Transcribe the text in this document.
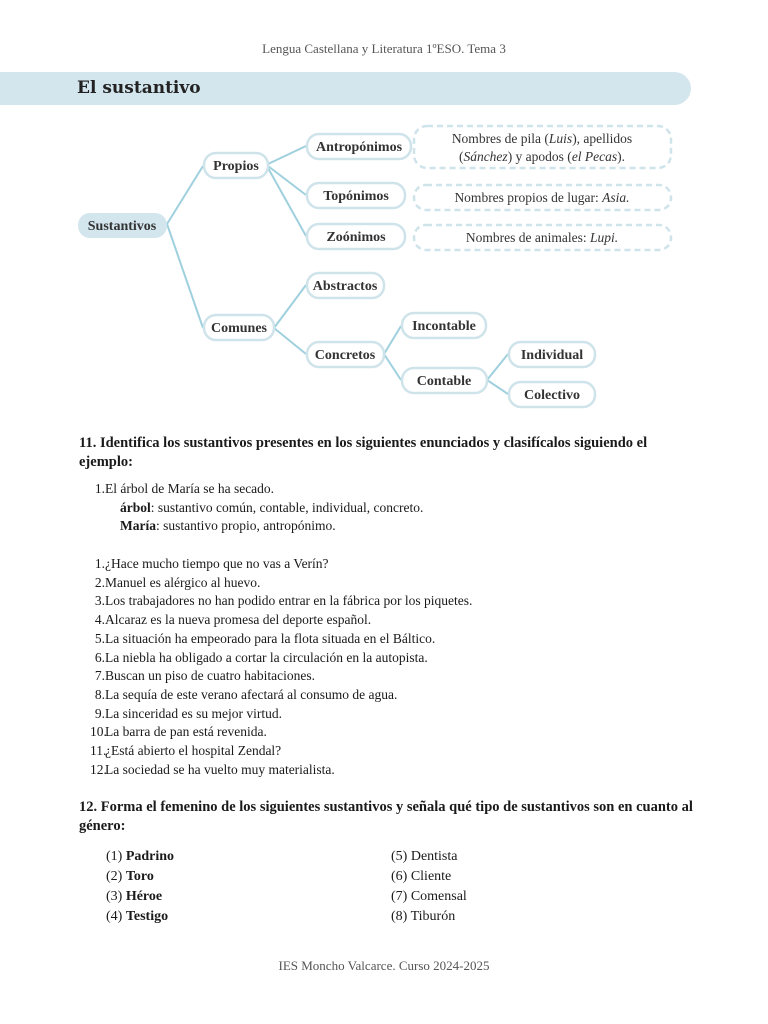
Lengua Castellana y Literatura 1ºESO. Tema 3
El sustantivo
Sustantivos
Propios
Comunes
Antropónimos
Topónimos
Zoónimos
Nombres de pila (Luis), apellidos
(Sánchez) y apodos (el Pecas).
Nombres propios de lugar: Asia.
Nombres de animales: Lupi.
Abstractos
Concretos
Incontable
Contable
Individual
Colectivo
11. Identifica los sustantivos presentes en los siguientes enunciados y clasifícalos siguiendo el ejemplo:
1. El árbol de María se ha secado.
árbol: sustantivo común, contable, individual, concreto.
María: sustantivo propio, antropónimo.
1. ¿Hace mucho tiempo que no vas a Verín?
2. Manuel es alérgico al huevo.
3. Los trabajadores no han podido entrar en la fábrica por los piquetes.
4. Alcaraz es la nueva promesa del deporte español.
5. La situación ha empeorado para la flota situada en el Báltico.
6. La niebla ha obligado a cortar la circulación en la autopista.
7. Buscan un piso de cuatro habitaciones.
8. La sequía de este verano afectará al consumo de agua.
9. La sinceridad es su mejor virtud.
10.
La barra de pan está revenida.
11.
¿Está abierto el hospital Zendal?
12.
La sociedad se ha vuelto muy materialista.
12. Forma el femenino de los siguientes sustantivos y señala qué tipo de sustantivos son en cuanto al género:
(1) Padrino
(2) Toro
(3) Héroe
(4) Testigo
(5) Dentista
(6) Cliente
(7) Comensal
(8) Tiburón
IES Moncho Valcarce. Curso 2024-2025
